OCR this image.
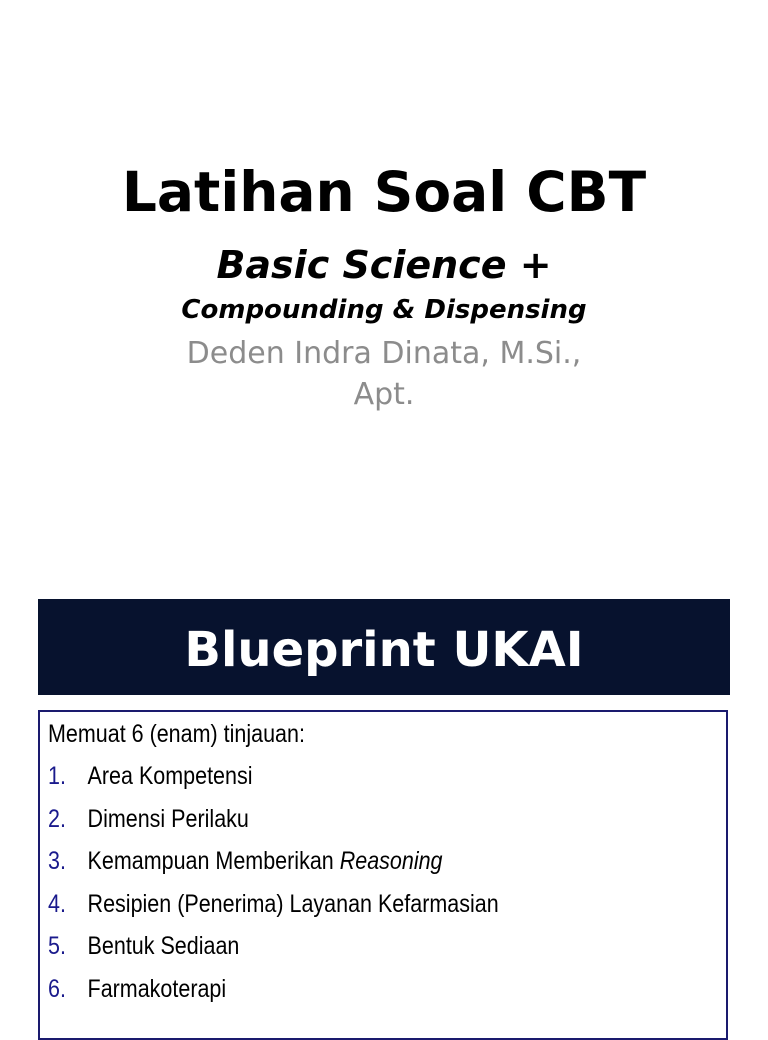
Latihan Soal CBT
Basic Science +
Compounding & Dispensing
Deden Indra Dinata, M.Si.,
Apt.
Blueprint UKAI
Memuat 6 (enam) tinjauan:
1. Area Kompetensi
2. Dimensi Perilaku
3. Kemampuan Memberikan Reasoning
4. Resipien (Penerima) Layanan Kefarmasian
5. Bentuk Sediaan
6. Farmakoterapi
